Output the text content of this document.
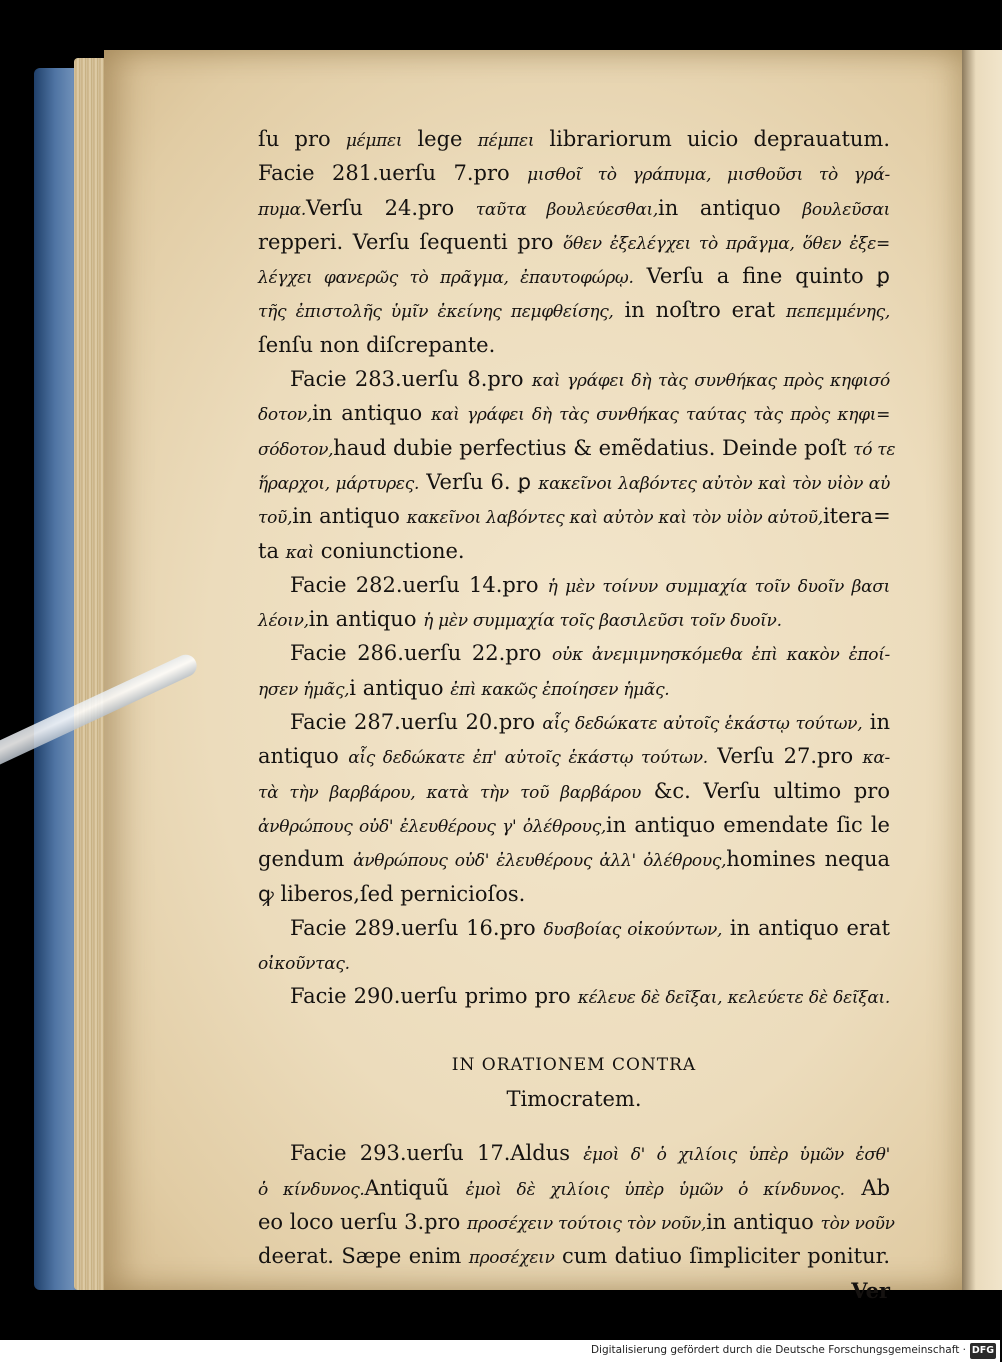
ſu pro μέμπει lege πέμπει librariorum uicio deprauatum.
Facie 281.uerſu 7.pro μισθοῖ τὸ γράπυμα, μισθοῦσι τὸ γρά-
πυμα.Verſu 24.pro ταῦτα βουλεύεσθαι,in antiquo βουλεῦσαι
repperi. Verſu ſequenti pro ὅθεν ἐξελέγχει τὸ πρᾶγμα, ὅθεν ἐξε=
λέγχει φανερῶς τὸ πρᾶγμα, ἐπαυτοφώρῳ. Verſu a fine quinto ꝑ
τῆς ἐπιστολῆς ὑμῖν ἐκείνης πεμφθείσης, in noſtro erat πεπεμμένης,
ſenſu non diſcrepante.
Facie 283.uerſu 8.pro καὶ γράφει δὴ τὰς συνθήκας πρὸς κηφισό
δοτον,in antiquo καὶ γράφει δὴ τὰς συνθήκας ταύτας τὰς πρὸς κηφι=
σόδοτον,haud dubie perfectius & emẽdatius. Deinde poſt τό τε
ἥραρχοι, μάρτυρες. Verſu 6. ꝑ κακεῖνοι λαβόντες αὐτὸν καὶ τὸν υἱὸν αὐ
τοῦ,in antiquo κακεῖνοι λαβόντες καὶ αὐτὸν καὶ τὸν υἱὸν αὐτοῦ,itera=
ta καὶ coniunctione.
Facie 282.uerſu 14.pro ἡ μὲν τοίνυν συμμαχία τοῖν δυοῖν βασι
λέοιν,in antiquo ἡ μὲν συμμαχία τοῖς βασιλεῦσι τοῖν δυοῖν.
Facie 286.uerſu 22.pro οὐκ ἀνεμιμνησκόμεθα ἐπὶ κακὸν ἐποί-
ησεν ἡμᾶς,i antiquo ἐπὶ κακῶς ἐποίησεν ἡμᾶς.
Facie 287.uerſu 20.pro αἷς δεδώκατε αὐτοῖς ἑκάστῳ τούτων, in
antiquo αἷς δεδώκατε ἐπ' αὐτοῖς ἑκάστῳ τούτων. Verſu 27.pro κα-
τὰ τὴν βαρβάρου, κατὰ τὴν τοῦ βαρβάρου &c. Verſu ultimo pro
ἀνθρώπους οὐδ' ἐλευθέρους γ' ὀλέθρους,in antiquo emendate ſic le
gendum ἀνθρώπους οὐδ' ἐλευθέρους ἀλλ' ὀλέθρους,homines nequa
ꝙ liberos,ſed pernicioſos.
Facie 289.uerſu 16.pro δυσβοίας οἰκούντων, in antiquo erat
οἰκοῦντας.
Facie 290.uerſu primo pro κέλευε δὲ δεῖξαι, κελεύετε δὲ δεῖξαι.
IN ORATIONEM CONTRA
Timocratem.
Facie 293.uerſu 17.Aldus ἐμοὶ δ' ὁ χιλίοις ὑπὲρ ὑμῶν ἐσθ'
ὁ κίνδυνος.Antiquũ ἐμοὶ δὲ χιλίοις ὑπὲρ ὑμῶν ὁ κίνδυνος. Ab
eo loco uerſu 3.pro προσέχειν τούτοις τὸν νοῦν,in antiquo τὸν νοῦν
deerat. Sæpe enim προσέχειν cum datiuo ſimpliciter ponitur.
Ver
Digitalisierung gefördert durch die Deutsche Forschungsgemeinschaft · DFG
